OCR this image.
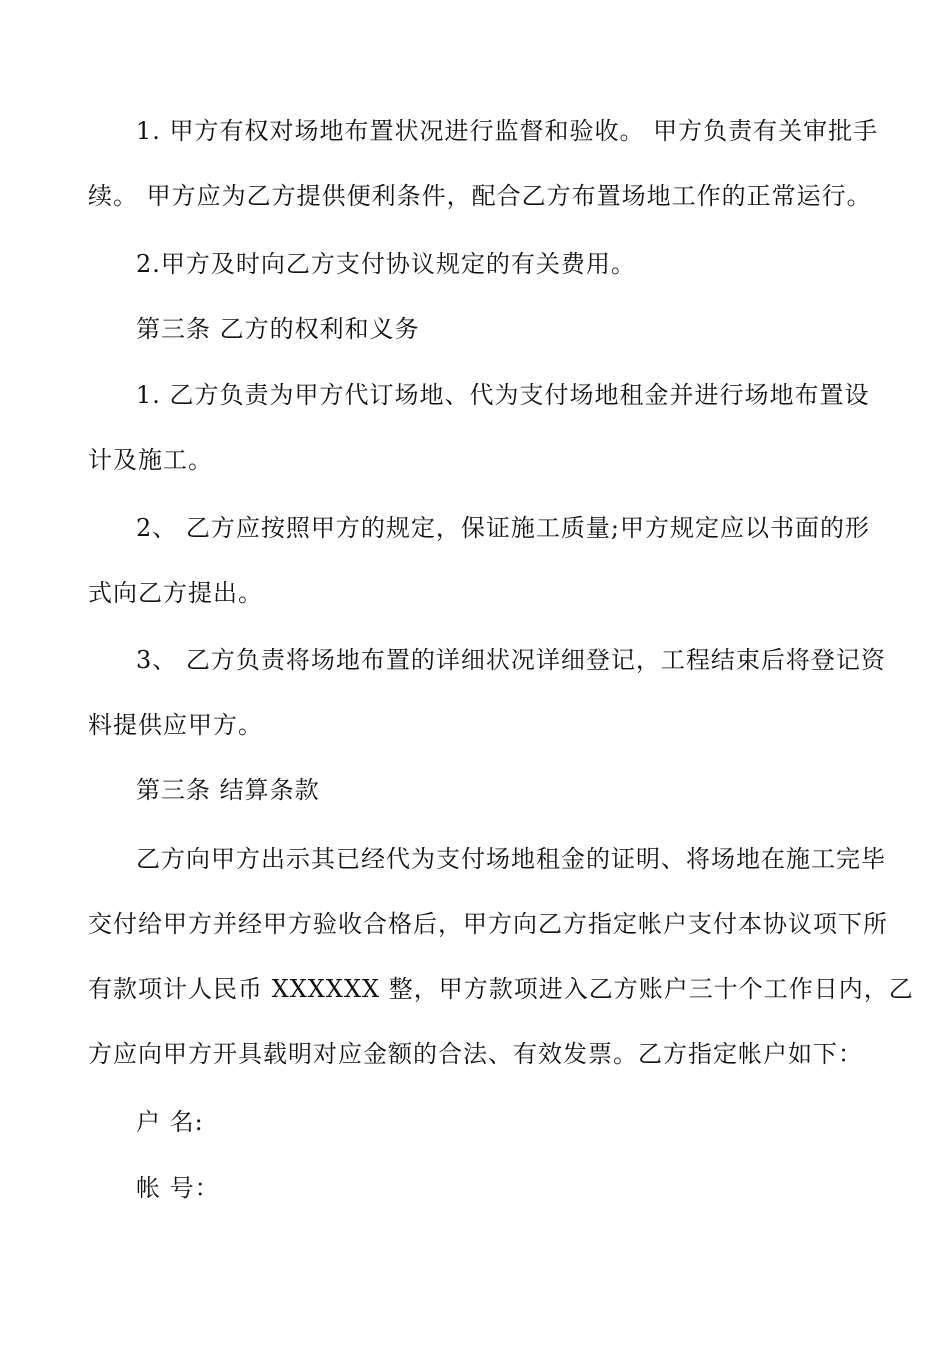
1. 甲方有权对场地布置状况进行监督和验收。 甲方负责有关审批手
续。 甲方应为乙方提供便利条件，配合乙方布置场地工作的正常运行。
2.甲方及时向乙方支付协议规定的有关费用。
第三条 乙方的权利和义务
1. 乙方负责为甲方代订场地、代为支付场地租金并进行场地布置设
计及施工。
2、 乙方应按照甲方的规定，保证施工质量;甲方规定应以书面的形
式向乙方提出。
3、 乙方负责将场地布置的详细状况详细登记，工程结束后将登记资
料提供应甲方。
第三条 结算条款
乙方向甲方出示其已经代为支付场地租金的证明、将场地在施工完毕
交付给甲方并经甲方验收合格后，甲方向乙方指定帐户支付本协议项下所
有款项计人民币 XXXXXX 整，甲方款项进入乙方账户三十个工作日内，乙
方应向甲方开具载明对应金额的合法、有效发票。乙方指定帐户如下：
户 名:
帐 号：
